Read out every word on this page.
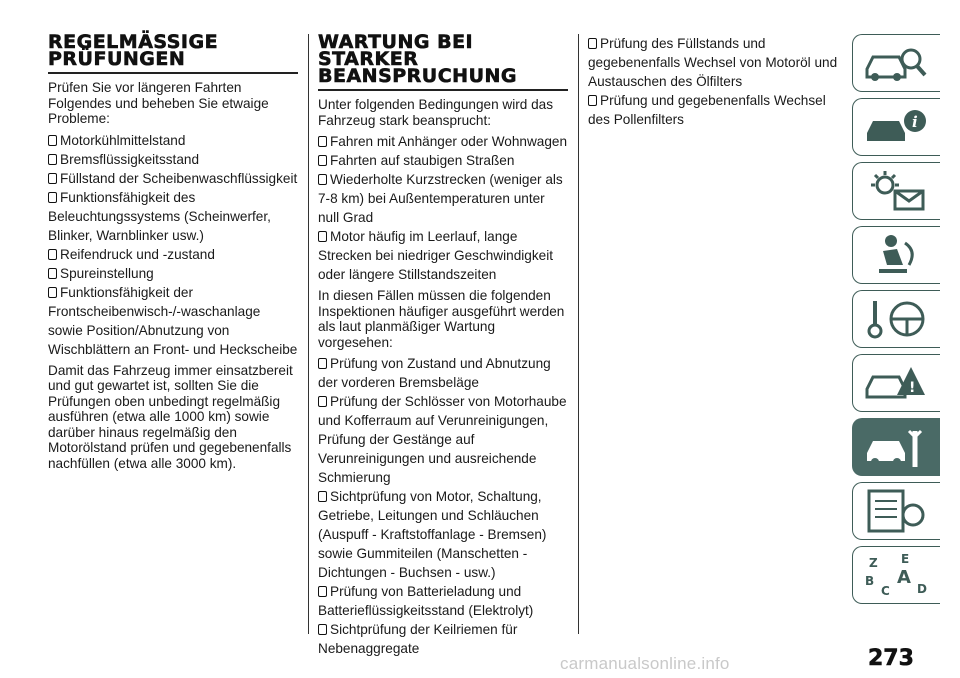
REGELMÄSSIGE PRÜFUNGEN

Prüfen Sie vor längeren Fahrten Folgendes und beheben Sie etwaige Probleme:

Motorkühlmittelstand

Bremsflüssigkeitsstand

Füllstand der Scheibenwaschflüssigkeit

Funktionsfähigkeit des Beleuchtungssystems (Scheinwerfer, Blinker, Warnblinker usw.)

Reifendruck und -zustand

Spureinstellung

Funktionsfähigkeit der Frontscheibenwisch-/-waschanlage sowie Position/Abnutzung von Wischblättern an Front- und Heckscheibe

Damit das Fahrzeug immer einsatzbereit und gut gewartet ist, sollten Sie die Prüfungen oben unbedingt regelmäßig ausführen (etwa alle 1000 km) sowie darüber hinaus regelmäßig den Motorölstand prüfen und gegebenenfalls nachfüllen (etwa alle 3000 km).

WARTUNG BEI STARKER BEANSPRUCHUNG

Unter folgenden Bedingungen wird das Fahrzeug stark beansprucht:

Fahren mit Anhänger oder Wohnwagen

Fahrten auf staubigen Straßen

Wiederholte Kurzstrecken (weniger als 7-8 km) bei Außentemperaturen unter null Grad

Motor häufig im Leerlauf, lange Strecken bei niedriger Geschwindigkeit oder längere Stillstandszeiten

In diesen Fällen müssen die folgenden Inspektionen häufiger ausgeführt werden als laut planmäßiger Wartung vorgesehen:

Prüfung von Zustand und Abnutzung der vorderen Bremsbeläge

Prüfung der Schlösser von Motorhaube und Kofferraum auf Verunreinigungen, Prüfung der Gestänge auf Verunreinigungen und ausreichende Schmierung

Sichtprüfung von Motor, Schaltung, Getriebe, Leitungen und Schläuchen (Auspuff - Kraftstoffanlage - Bremsen) sowie Gummiteilen (Manschetten - Dichtungen - Buchsen - usw.)

Prüfung von Batterieladung und Batterieflüssigkeitsstand (Elektrolyt)

Sichtprüfung der Keilriemen für Nebenaggregate

Prüfung des Füllstands und gegebenenfalls Wechsel von Motoröl und Austauschen des Ölfilters

Prüfung und gegebenenfalls Wechsel des Pollenfilters	i
!
Z E
B A
C D
carmanualsonline.info	273
